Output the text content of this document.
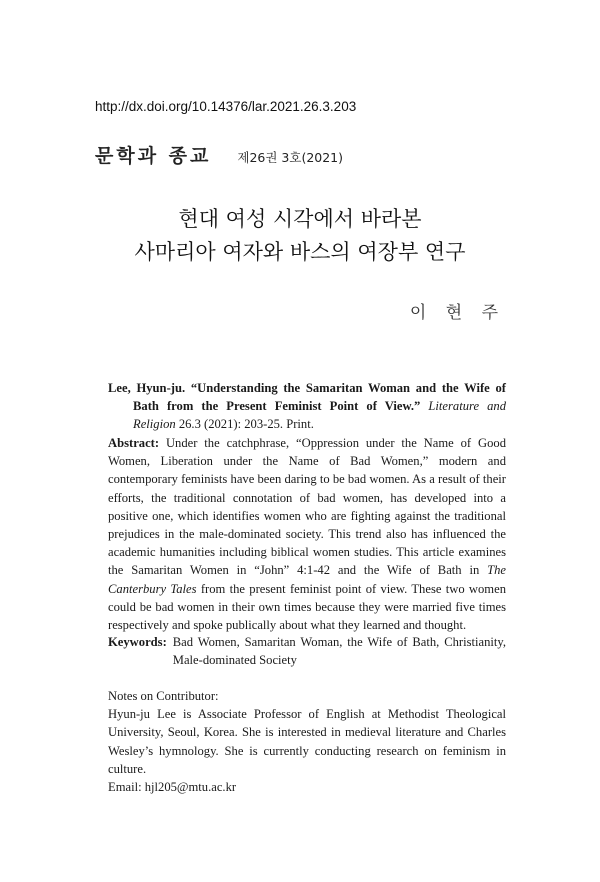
http://dx.doi.org/10.14376/lar.2021.26.3.203
문학과 종교 제26권 3호(2021)
현대 여성 시각에서 바라본
사마리아 여자와 바스의 여장부 연구
이 현 주
Lee, Hyun-ju. “Understanding the Samaritan Woman and the Wife of Bath from the Present Feminist Point of View.” Literature and Religion 26.3 (2021): 203-25. Print.
Abstract: Under the catchphrase, “Oppression under the Name of Good Women, Liberation under the Name of Bad Women,” modern and contemporary feminists have been daring to be bad women. As a result of their efforts, the traditional connotation of bad women, has developed into a positive one, which identifies women who are fighting against the traditional prejudices in the male-dominated society. This trend also has influenced the academic humanities including biblical women studies. This article examines the Samaritan Women in “John” 4:1-42 and the Wife of Bath in The Canterbury Tales from the present feminist point of view. These two women could be bad women in their own times because they were married five times respectively and spoke publically about what they learned and thought.
Keywords: Bad Women, Samaritan Woman, the Wife of Bath, Christianity, Male-dominated Society
Notes on Contributor:
Hyun-ju Lee is Associate Professor of English at Methodist Theological University, Seoul, Korea. She is interested in medieval literature and Charles Wesley’s hymnology. She is currently conducting research on feminism in culture.
Email: hjl205@mtu.ac.kr
